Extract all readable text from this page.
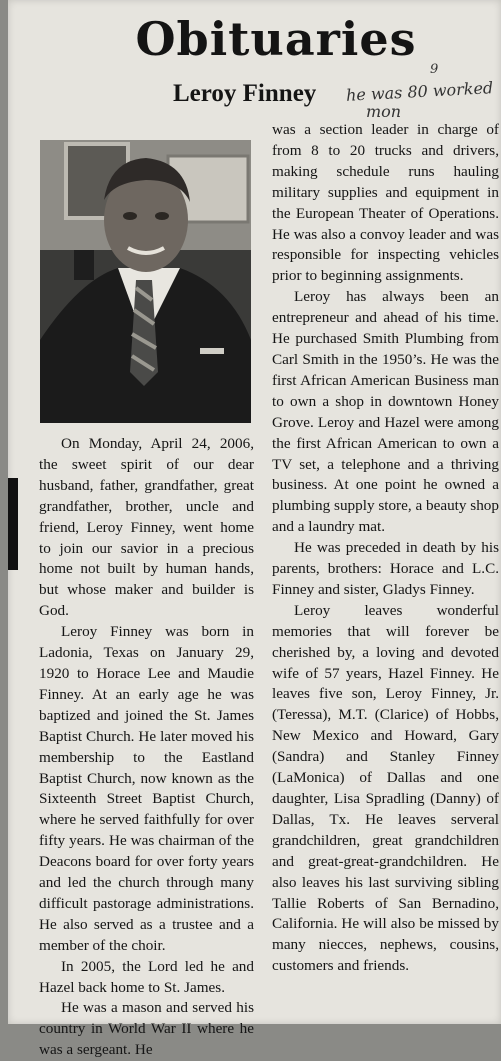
Obituaries
Leroy Finney
9
he was 80 worked
mon

On Monday, April 24, 2006, the sweet spirit of our dear husband, father, grandfather, great grandfather, brother, uncle and friend, Leroy Finney, went home to join our savior in a precious home not built by human hands, but whose maker and builder is God.

Leroy Finney was born in Ladonia, Texas on January 29, 1920 to Horace Lee and Maudie Finney. At an early age he was baptized and joined the St. James Baptist Church. He later moved his membership to the Eastland Baptist Church, now known as the Sixteenth Street Baptist Church, where he served faithfully for over fifty years. He was chairman of the Deacons board for over forty years and led the church through many difficult pastorage administrations. He also served as a trustee and a member of the choir.

In 2005, the Lord led he and Hazel back home to St. James.

He was a mason and served his country in World War II where he was a sergeant. He

was a section leader in charge of from 8 to 20 trucks and drivers, making schedule runs hauling military supplies and equipment in the European Theater of Operations. He was also a convoy leader and was responsible for inspecting vehicles prior to beginning assignments.

Leroy has always been an entrepreneur and ahead of his time. He purchased Smith Plumbing from Carl Smith in the 1950’s. He was the first African American Business man to own a shop in downtown Honey Grove. Leroy and Hazel were among the first African American to own a TV set, a telephone and a thriving business. At one point he owned a plumbing supply store, a beauty shop and a laundry mat.

He was preceded in death by his parents, brothers: Horace and L.C. Finney and sister, Gladys Finney.

Leroy leaves wonderful memories that will forever be cherished by, a loving and devoted wife of 57 years, Hazel Finney. He leaves five son, Leroy Finney, Jr. (Teressa), M.T. (Clarice) of Hobbs, New Mexico and Howard, Gary (Sandra) and Stanley Finney (LaMonica) of Dallas and one daughter, Lisa Spradling (Danny) of Dallas, Tx. He leaves serveral grandchildren, great grandchildren and great-great-grandchildren. He also leaves his last surviving sibling Tallie Roberts of San Bernadino, California. He will also be missed by many niecces, nephews, cousins, customers and friends.
